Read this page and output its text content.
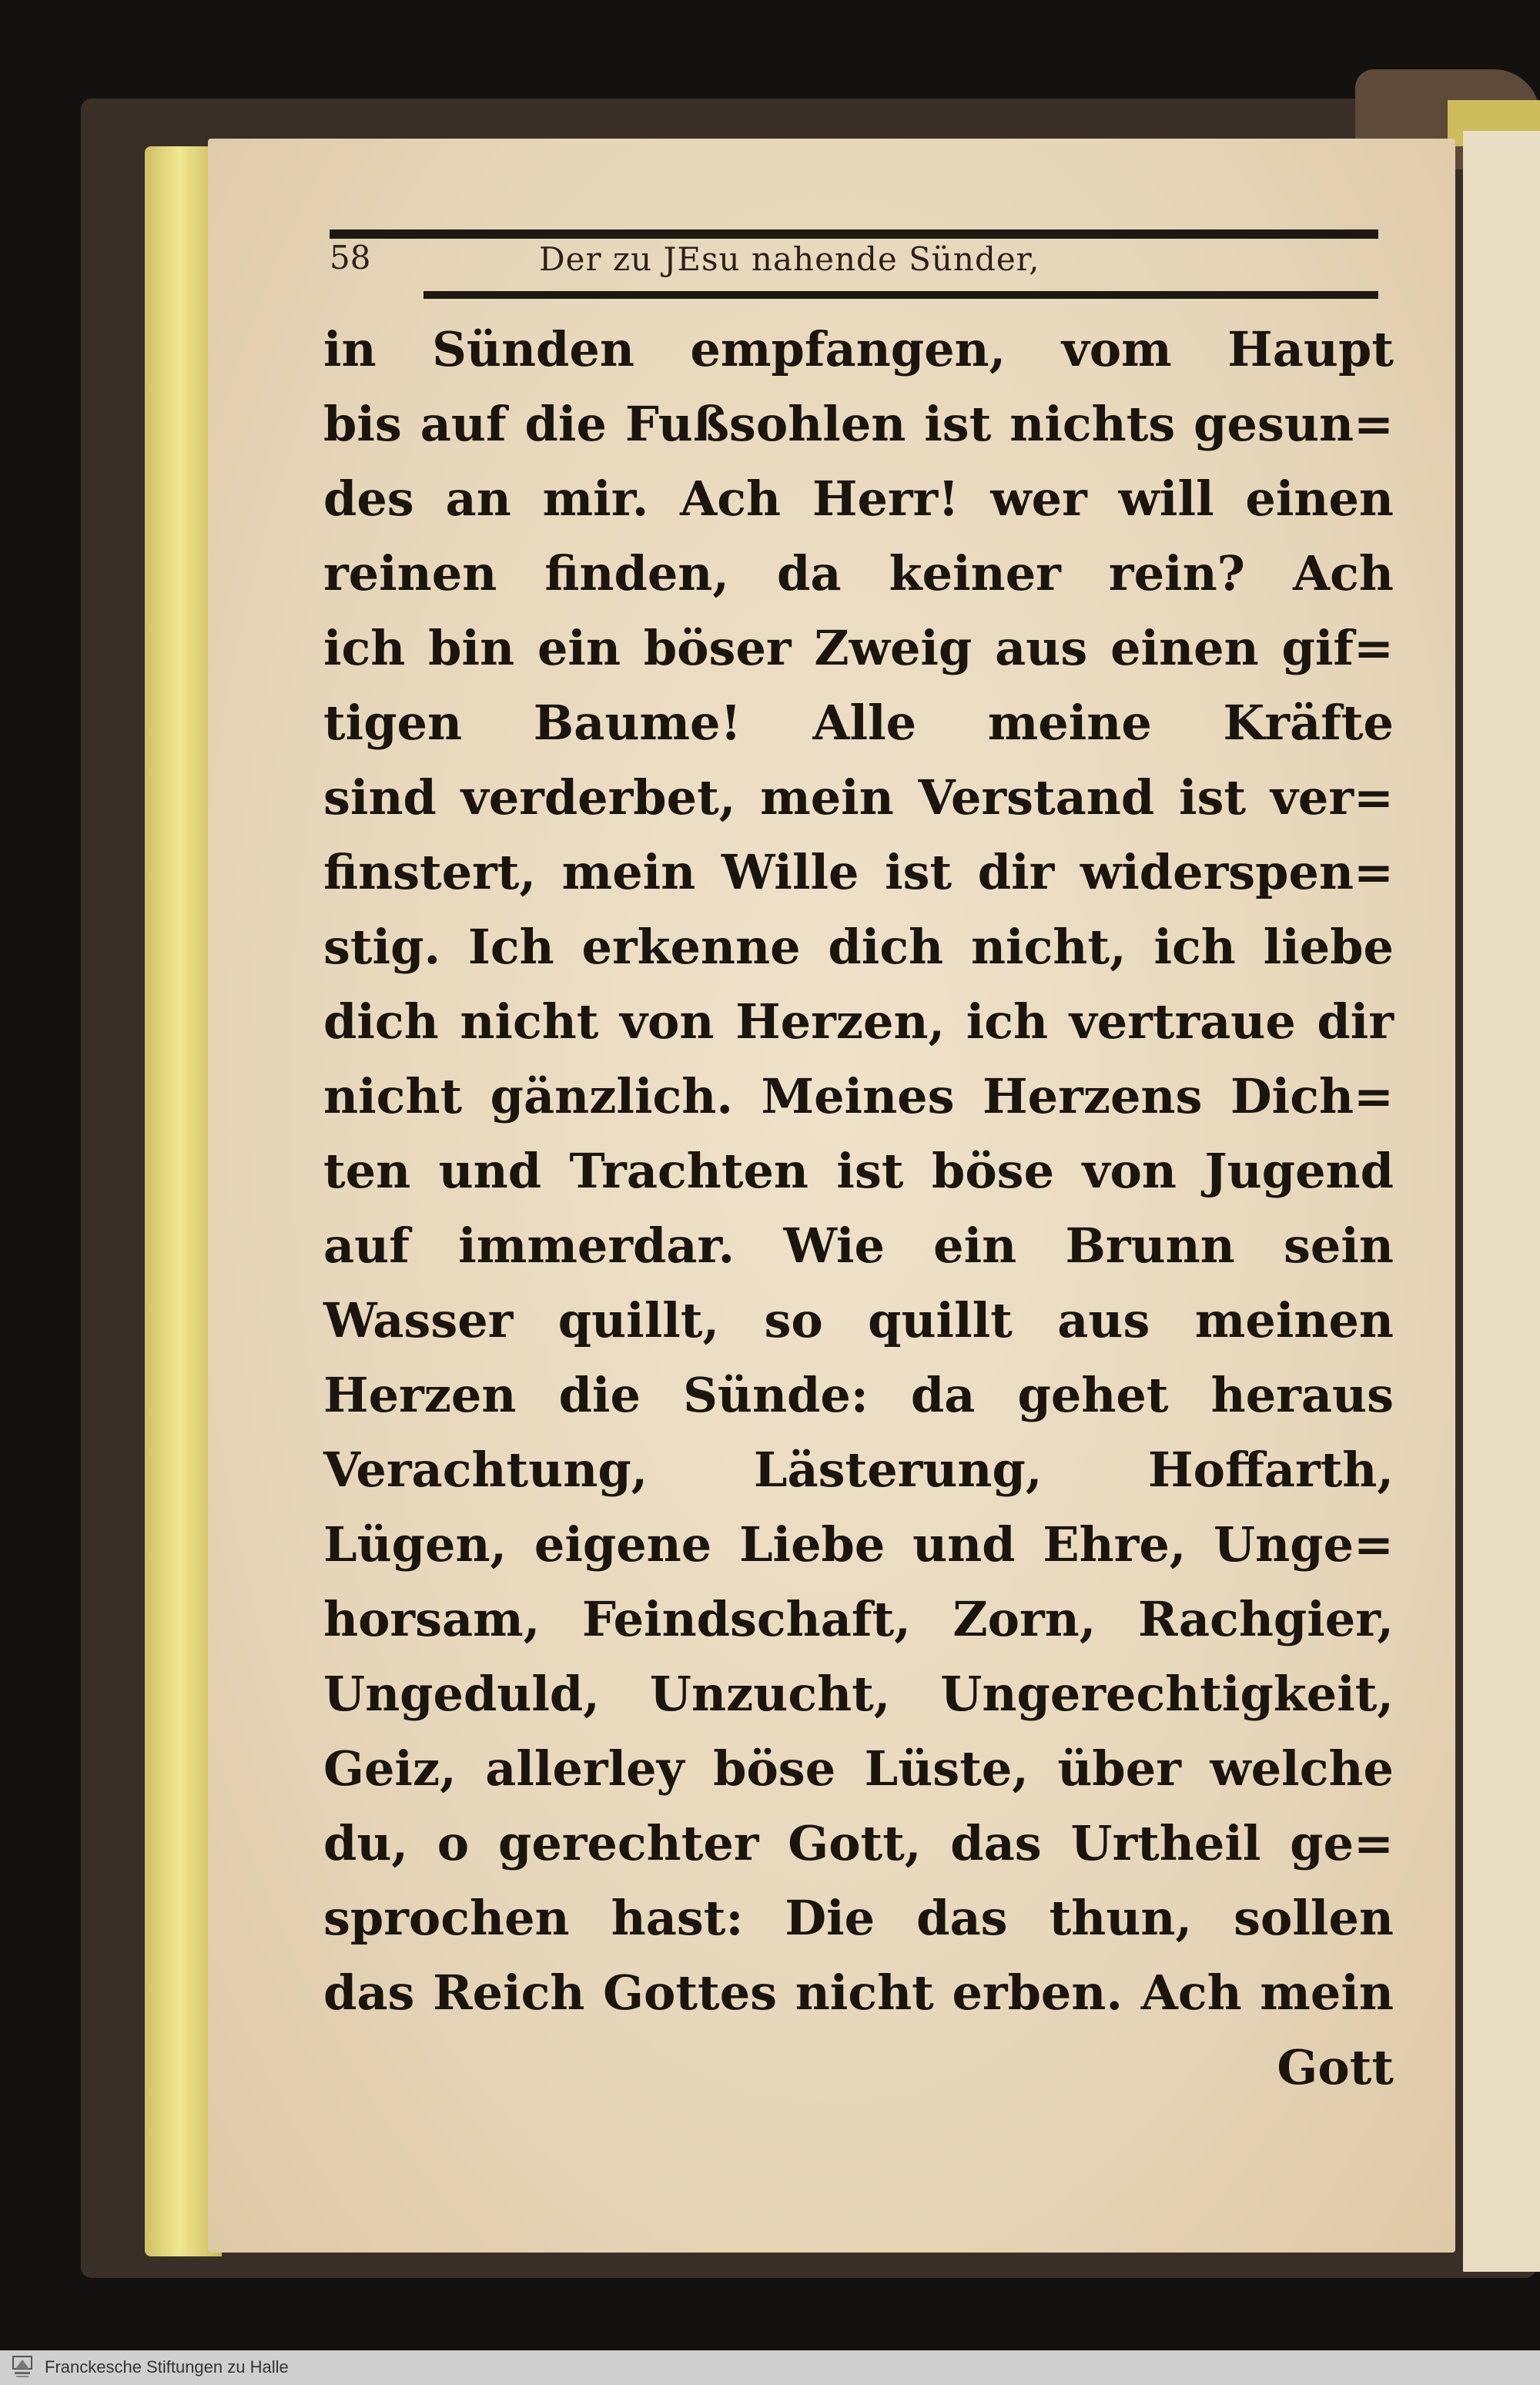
58	Der zu JEsu nahende Sünder,
in Sünden empfangen, vom Haupt
bis auf die Fußsohlen ist nichts gesun=
des an mir. Ach Herr! wer will einen
reinen finden, da keiner rein? Ach
ich bin ein böser Zweig aus einen gif=
tigen Baume! Alle meine Kräfte
sind verderbet, mein Verstand ist ver=
finstert, mein Wille ist dir widerspen=
stig. Ich erkenne dich nicht, ich liebe
dich nicht von Herzen, ich vertraue dir
nicht gänzlich. Meines Herzens Dich=
ten und Trachten ist böse von Jugend
auf immerdar. Wie ein Brunn sein
Wasser quillt, so quillt aus meinen
Herzen die Sünde: da gehet heraus
Verachtung, Lästerung, Hoffarth,
Lügen, eigene Liebe und Ehre, Unge=
horsam, Feindschaft, Zorn, Rachgier,
Ungeduld, Unzucht, Ungerechtigkeit,
Geiz, allerley böse Lüste, über welche
du, o gerechter Gott, das Urtheil ge=
sprochen hast: Die das thun, sollen
das Reich Gottes nicht erben. Ach mein
Gott
Franckesche Stiftungen zu Halle
